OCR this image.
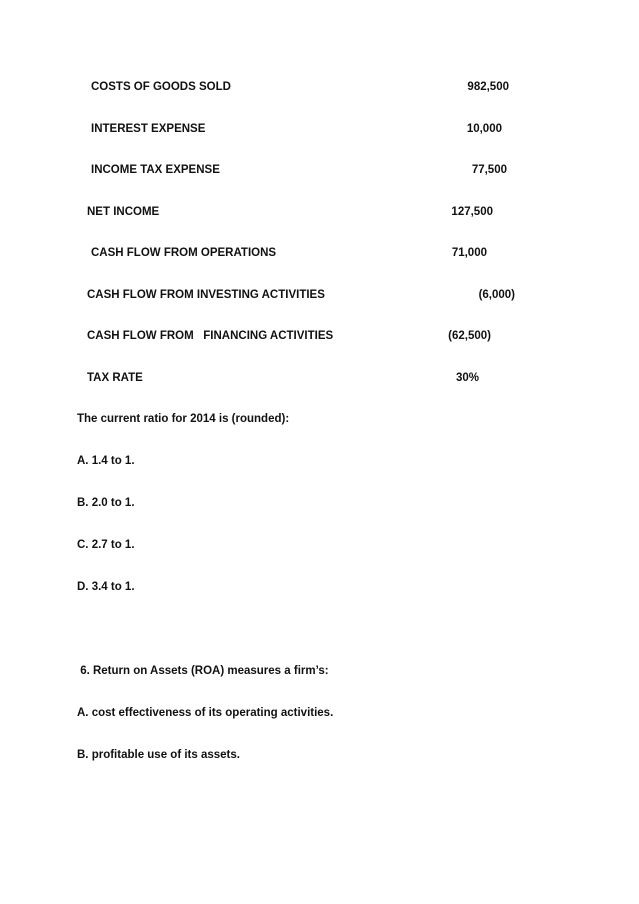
COSTS OF GOODS SOLD	982,500
INTEREST EXPENSE	10,000
INCOME TAX EXPENSE	77,500
NET INCOME	127,500
CASH FLOW FROM OPERATIONS	71,000
CASH FLOW FROM INVESTING ACTIVITIES	(6,000)
CASH FLOW FROM   FINANCING ACTIVITIES	(62,500)
TAX RATE	30%
The current ratio for 2014 is (rounded):
A. 1.4 to 1.
B. 2.0 to 1.
C. 2.7 to 1.
D. 3.4 to 1.
6. Return on Assets (ROA) measures a firm’s:
A. cost effectiveness of its operating activities.
B. profitable use of its assets.
